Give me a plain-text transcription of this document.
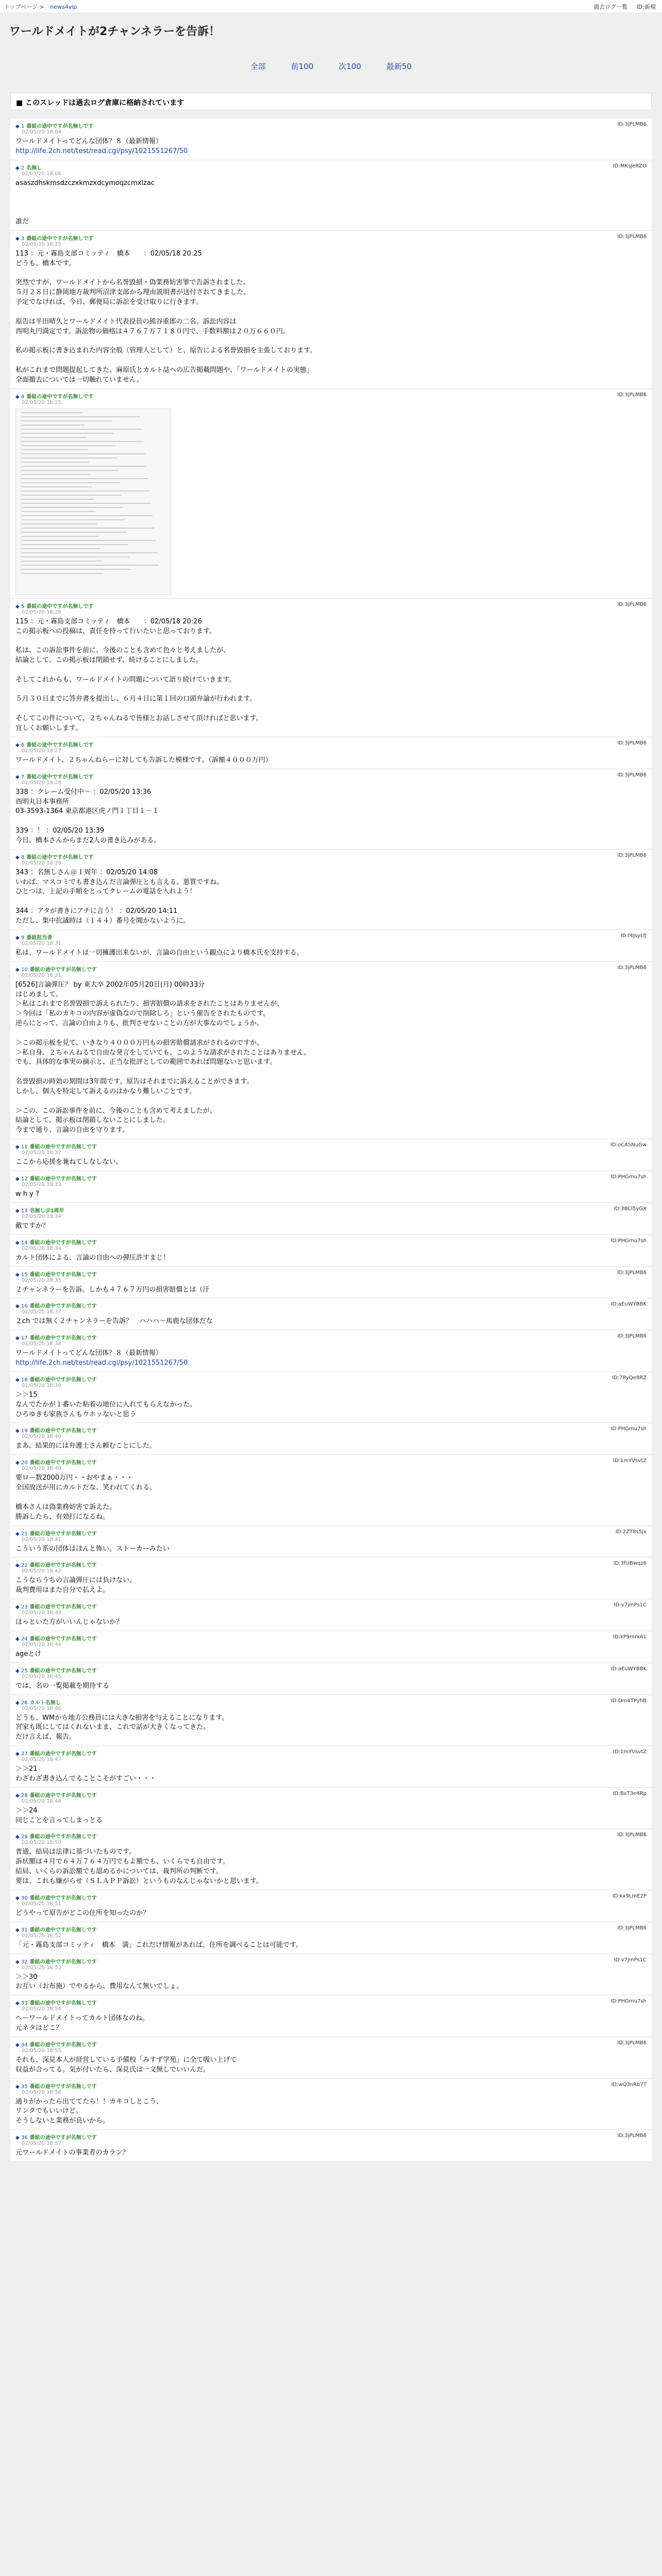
トップページ > news4vip	過去ログ一覧 ID:新規
ワールドメイトが2チャンネラーを告訴！
全部	前100	次100	最新50
■ このスレッドは過去ログ倉庫に格納されています
◆ 1 番組の途中ですが名無しです	ID:3jPLMB6
02/05/20 18:04
ワールドメイトってどんな団体？８（最新情報）
http://life.2ch.net/test/read.cgi/psy/1021551267/50
◆ 2 名無し	ID:MKsJeRZO
02/05/20 18:06
asaszdhskmsdzczxkmzxdcymoqzcmxlzac

誰だ
◆ 3 番組の途中ですが名無しです	ID:3jPLMB6
02/05/20 18:25
113 ：元・霧島支部コミッティ　橋本　　：02/05/18 20:25
どうも、橋本です。

突然ですが、ワールドメイトから名誉毀損・偽業務妨害罪で告訴されました。
５月２８日に静岡地方裁判所沼津支部から理由説明書が送付されてきました。
予定でなければ、今日、郵便局に訴訟を受け取りに行きます。

原告は半田晴久とワールドメイト代表役員の熊谷重郎の二名。訴訟内容は
西明丸円満定です。訴訟物の価格は４７６７万７１８０円で、手数料額は２０万６６０円。

私の掲示板に書き込まれた内容全般（管理人として）と、原告による名誉毀損を主張しております。

私がこれまで問題提起してきた、麻原氏とカルト誌への広告掲載問題や、「ワールドメイトの実態」
全面撤去については一切触れていません。
◆ 4 番組の途中ですが名無しです	ID:3jPLMB6
02/05/20 18:25
◆ 5 番組の途中ですが名無しです	ID:3jPLMB6
02/05/20 18:26
115 ：元・霧島支部コミッティ　橋本　　：02/05/18 20:26
この掲示板への投稿は、責任を持って行いたいと思っております。

私は、この訴訟事件を前に、今後のことも含めて色々と考えましたが、
結論として、この掲示板は閉鎖せず、続けることにしました。

そしてこれからも、ワールドメイトの問題について語り続けていきます。

５月３０日までに答弁書を提出し、６月４日に第１回の口頭弁論が行われます。

そしてこの件について、２ちゃんねるで皆様とお話しさせて頂ければと思います。
宜しくお願いします。
◆ 6 番組の途中ですが名無しです	ID:3jPLMB6
02/05/20 18:27
ワールドメイト、２ちゃんねらーに対しても告訴した模様です。（訴額４０００万円）
◆ 7 番組の途中ですが名無しです	ID:3jPLMB6
02/05/20 18:28
338 ：クレーム受付中～ ：02/05/20 13:36
西明丸日本事務所
03-3593-1364 東京都港区虎ノ門１丁目１－１

339 ：！ ：02/05/20 13:39
今日、橋本さんからまだ2人の書き込みがある。
◆ 8 番組の途中ですが名無しです	ID:3jPLMB6
02/05/20 18:29
343 ：名無しさん＠１周年 ：02/05/20 14:08
いわば、マスコミでも書き込んだ言論弾圧とも言える。悪質ですね。
ひとつは、上記の手順をとってクレームの電話を入れよう！

344 ：アタが書きにアチに言う！ ：02/05/20 14:11
ただし、集中抗議時は（１４４）番号を聞かないように。
◆ 9 番組担当者	ID:f4JsyLfJ
02/05/20 18:31
私は、ワールドメイトは一切擁護出来ないが、言論の自由という観点により橋本氏を支持する。
◆ 10 番組の途中ですが名無しです	ID:3jPLMB6
02/05/20 18:31
[6526]言論弾圧？ by 東大卒 2002年05月20日(月) 00時33分
はじめまして。
＞私はこれまで名誉毀損で訴えられたり、損害賠償の請求をされたことはありませんが、
＞今回は「私のカキコの内容が虚偽なので削除しろ」という催告をされたものです。
逆らにとって、言論の自由よりも、批判させないことの方が大事なのでしょうか。

＞この掲示板を見て、いきなり４０００万円もの損害賠償請求がされるのですか。
＞私自身、２ちゃんねるで自由な発言をしていても、このような請求がされたことはありません。
でも、具体的な事実の摘示と、正当な批評としての範囲であれば問題ないと思います。

名誉毀損の時効の期間は3年間です。原告はそれまでに訴えることができます。
しかし、個人を特定して訴えるのはかなり難しいことです。

＞この、この訴訟事件を前に、今後のことも含めて考えましたが、
結論として、掲示板は閉鎖しないことにしました。
今まで通り、言論の自由を守ります。
◆ 11 番組の途中ですが名無しです	ID:oCASNuGw
02/05/20 18:32
ここから応援を兼ねてしなしない。
◆ 12 番組の途中ですが名無しです	ID:PHGmu7sh
02/05/20 18:33
w h y ?
◆ 13 名無し＠1周年	ID:3BCl5yGX
02/05/20 18:34
敵ですか？
◆ 14 番組の途中ですが名無しです	ID:PHGmu7sh
02/05/20 18:34
カルト団体による、言論の自由への弾圧許すまじ！
◆ 15 番組の途中ですが名無しです	ID:3jPLMB6
02/05/20 18:35
２チャンネラーを告訴。しかも４７６７万円の損害賠償とは（汗
◆ 16 番組の途中ですが名無しです	ID:aEuWYBBK
02/05/20 18:37
２ch では無く２チャンネラーを告訴？　ハハハ～馬鹿な団体だな
◆ 17 番組の途中ですが名無しです	ID:3jPLMB6
02/05/20 18:38
ワールドメイトってどんな団体？８（最新情報）
http://life.2ch.net/test/read.cgi/psy/1021551267/50
◆ 18 番組の途中ですが名無しです	ID:7RyQe8RZ
02/05/20 18:39
＞＞15
なんでたかが１番いた粘着の地位に入れてもらえなかった。
ひろゆきも家族さんもウホッないと思う
◆ 19 番組の途中ですが名無しです	ID:PHGmu7sh
02/05/20 18:40
まあ、結果的には弁護士さん頼むことにした。
◆ 20 番組の途中ですが名無しです	ID:1mYVsvtZ
02/05/20 18:40
要ロー数2000万円・・おやまぁ・・・
全国放送が用にカルトだな、笑われてくれる。

橋本さんは偽業務妨害で訴えた。
勝訴したら、有効打になるね。
◆ 21 番組の途中ですが名無しです	ID:2ZT8s5Jx
02/05/20 18:41
こういう系の団体はほんと怖い。ストーカーみたい
◆ 22 番組の途中ですが名無しです	ID:3fUBwqz6
02/05/20 18:42
こうならうちの言論弾圧には負けない。
裁判費用はまた自分で払えよ。
◆ 23 番組の途中ですが名無しです	ID:v7jmPs1C
02/05/20 18:43
ほっといた方がいいんじゃないか？
◆ 24 番組の途中ですが名無しです	ID:kP9mrxA1
02/05/20 18:44
ageとけ
◆ 25 番組の途中ですが名無しです	ID:aEuWYBBK
02/05/20 18:45
では、名の一覧掲載を期待する
◆ 26 カルト名無し	ID:Dm4TPyhB
02/05/20 18:46
どうも、WMから地方公務員には大きな損害を与えることになります。
宮家も既にしてはくれないまま、これで話が大きくなってきた。
だけ言えば、報告。
◆ 27 番組の途中ですが名無しです	ID:1mYVsvtZ
02/05/20 18:47
＞＞21
わざわざ書き込んでることこそがすごい・・・
◆ 28 番組の途中ですが名無しです	ID:BxT3e4Rp
02/05/20 18:48
＞＞24
同じことを言ってしまっとる
◆ 29 番組の途中ですが名無しです	ID:3jPLMB6
02/05/20 18:50
普通、結局は法律に基づいたものです。
訴状額は４月で６４万７６４万円でもよ額でも、いくらでも自由です。
結局、いくらの訴訟額でも認めるかについては、裁判所の判断です。
要は、これも嫌がらせ（ＳＬＡＰＰ訴訟）というものなんじゃないかと思います。
◆ 30 番組の途中ですが名無しです	ID:kx9LmE2P
02/05/20 18:51
どうやって原告がどこの住所を知ったのか？
◆ 31 番組の途中ですが名無しです	ID:3jPLMB6
02/05/20 18:52
「元・霧島支部コミッティ　橋本　満」これだけ情報があれば、住所を調べることは可能です。
◆ 32 番組の途中ですが名無しです	ID:v7jmPs1C
02/05/20 18:53
＞＞30
お互い（お布施）でやるから、費用なんて無いでしょ。
◆ 33 番組の途中ですが名無しです	ID:PHGmu7sh
02/05/20 18:54
へーワールドメイトってカルト団体なのね。
元ネタはどこ？
◆ 34 番組の途中ですが名無しです	ID:3jPLMB6
02/05/20 18:55
それも、深見本人が経営している予備校「みすず学苑」に全て吸い上げて
収益が合ってる。気が付いたら、深見氏は一文無しでいいんだ。
◆ 35 番組の途中ですが名無しです	ID:wQ3nRb7T
02/05/20 18:56
通りがかったら出ててたら！！カキコしとこう、
リンクでもいいけど。
そうしないと業務が良いから。
◆ 36 番組の途中ですが名無しです	ID:3jPLMB6
02/05/20 18:57
元ワールドメイトの事業者のカラン？
